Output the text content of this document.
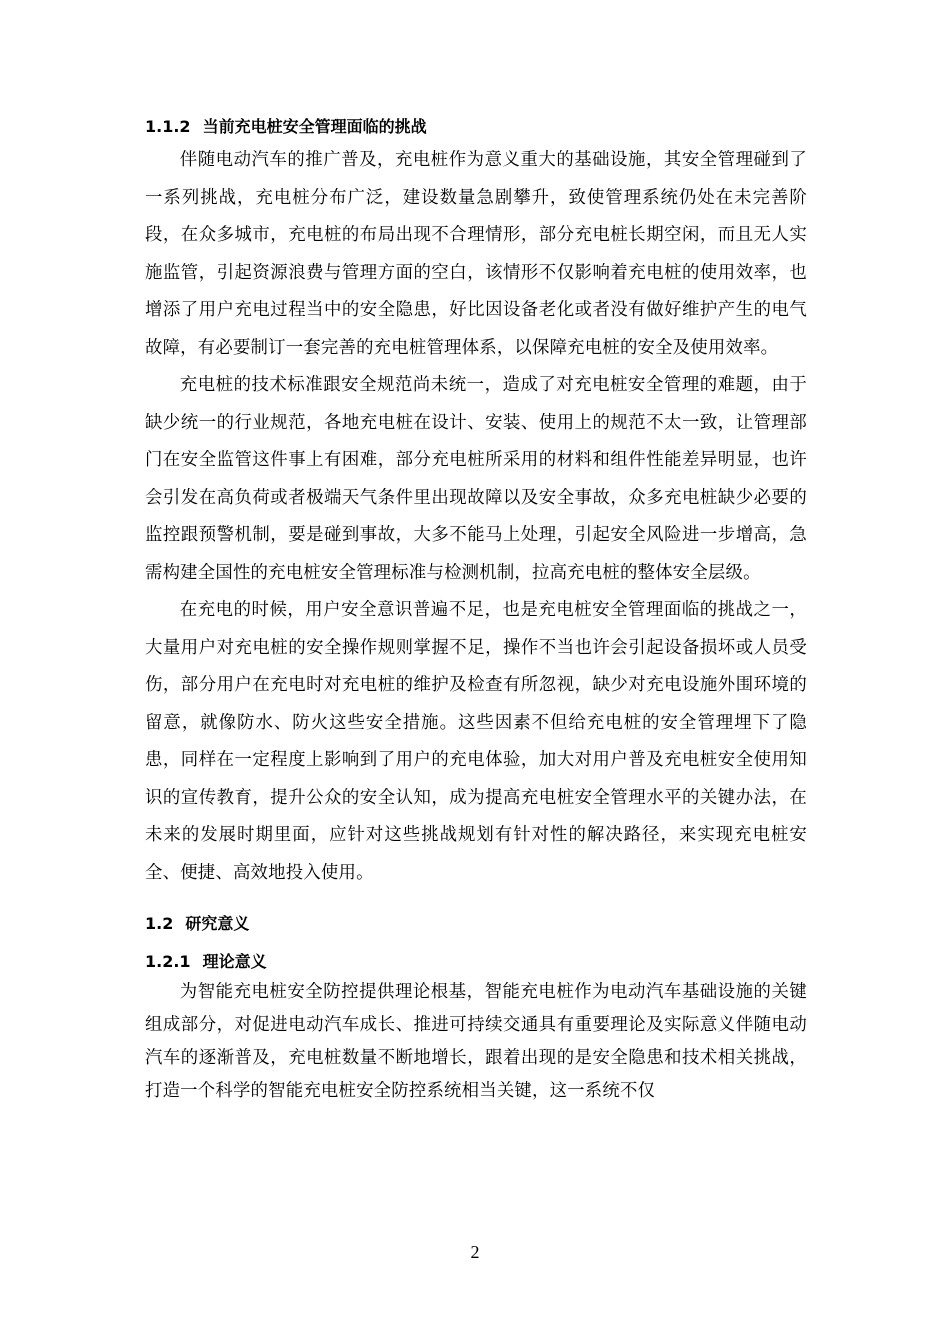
1.1.2 当前充电桩安全管理面临的挑战

伴随电动汽车的推广普及，充电桩作为意义重大的基础设施，其安全管理碰到了一系列挑战，充电桩分布广泛，建设数量急剧攀升，致使管理系统仍处在未完善阶段，在众多城市，充电桩的布局出现不合理情形，部分充电桩长期空闲，而且无人实施监管，引起资源浪费与管理方面的空白，该情形不仅影响着充电桩的使用效率，也增添了用户充电过程当中的安全隐患，好比因设备老化或者没有做好维护产生的电气故障，有必要制订一套完善的充电桩管理体系，以保障充电桩的安全及使用效率。

充电桩的技术标准跟安全规范尚未统一，造成了对充电桩安全管理的难题，由于缺少统一的行业规范，各地充电桩在设计、安装、使用上的规范不太一致，让管理部门在安全监管这件事上有困难，部分充电桩所采用的材料和组件性能差异明显，也许会引发在高负荷或者极端天气条件里出现故障以及安全事故，众多充电桩缺少必要的监控跟预警机制，要是碰到事故，大多不能马上处理，引起安全风险进一步增高，急需构建全国性的充电桩安全管理标准与检测机制，拉高充电桩的整体安全层级。

在充电的时候，用户安全意识普遍不足，也是充电桩安全管理面临的挑战之一，大量用户对充电桩的安全操作规则掌握不足，操作不当也许会引起设备损坏或人员受伤，部分用户在充电时对充电桩的维护及检查有所忽视，缺少对充电设施外围环境的留意，就像防水、防火这些安全措施。这些因素不但给充电桩的安全管理埋下了隐患，同样在一定程度上影响到了用户的充电体验，加大对用户普及充电桩安全使用知识的宣传教育，提升公众的安全认知，成为提高充电桩安全管理水平的关键办法，在未来的发展时期里面，应针对这些挑战规划有针对性的解决路径，来实现充电桩安全、便捷、高效地投入使用。

1.2 研究意义
1.2.1 理论意义

为智能充电桩安全防控提供理论根基，智能充电桩作为电动汽车基础设施的关键组成部分，对促进电动汽车成长、推进可持续交通具有重要理论及实际意义伴随电动汽车的逐渐普及，充电桩数量不断地增长，跟着出现的是安全隐患和技术相关挑战，打造一个科学的智能充电桩安全防控系统相当关键，这一系统不仅

2
